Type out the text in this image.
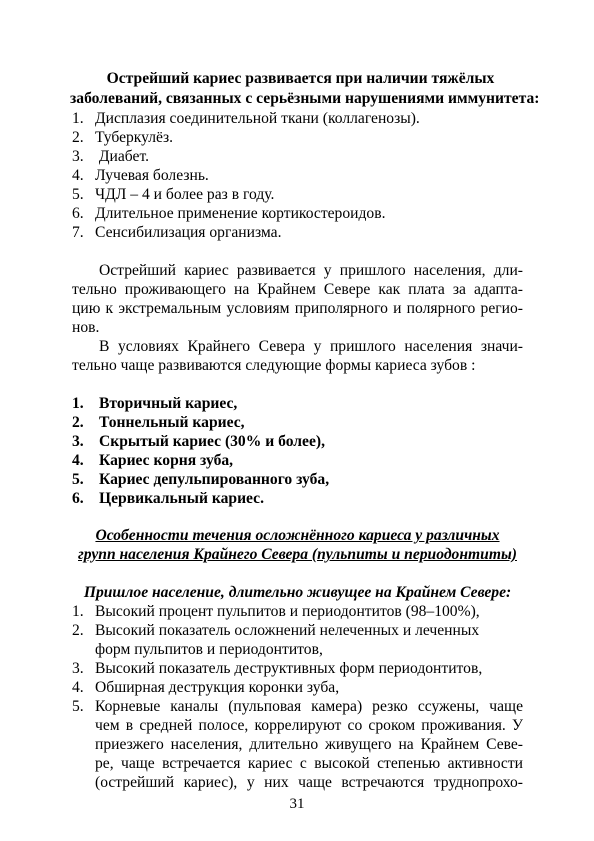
Острейший кариес развивается при наличии тяжёлых
заболеваний, связанных с серьёзными нарушениями иммунитета:
1. Дисплазия соединительной ткани (коллагенозы).
2. Туберкулёз.
3. Диабет.
4. Лучевая болезнь.
5. ЧДЛ – 4 и более раз в году.
6. Длительное применение кортикостероидов.
7. Сенсибилизация организма.
Острейший кариес развивается у пришлого населения, дли-
тельно проживающего на Крайнем Севере как плата за адапта-
цию к экстремальным условиям приполярного и полярного регио-
нов.
В условиях Крайнего Севера у пришлого населения значи-
тельно чаще развиваются следующие формы кариеса зубов :
1. Вторичный кариес,
2. Тоннельный кариес,
3. Скрытый кариес (30% и более),
4. Кариес корня зуба,
5. Кариес депульпированного зуба,
6. Цервикальный кариес.
Особенности течения осложнённого кариеса у различных
групп населения Крайнего Севера (пульпиты и периодонтиты)
Пришлое население, длительно живущее на Крайнем Севере:
1. Высокий процент пульпитов и периодонтитов (98–100%),
2. Высокий показатель осложнений нелеченных и леченных
форм пульпитов и периодонтитов,
3. Высокий показатель деструктивных форм периодонтитов,
4. Обширная деструкция коронки зуба,
5. Корневые каналы (пульповая камера) резко ссужены, чаще
чем в средней полосе, коррелируют со сроком проживания. У
приезжего населения, длительно живущего на Крайнем Севе-
ре, чаще встречается кариес с высокой степенью активности
(острейший кариес), у них чаще встречаются труднопрохо-
31
